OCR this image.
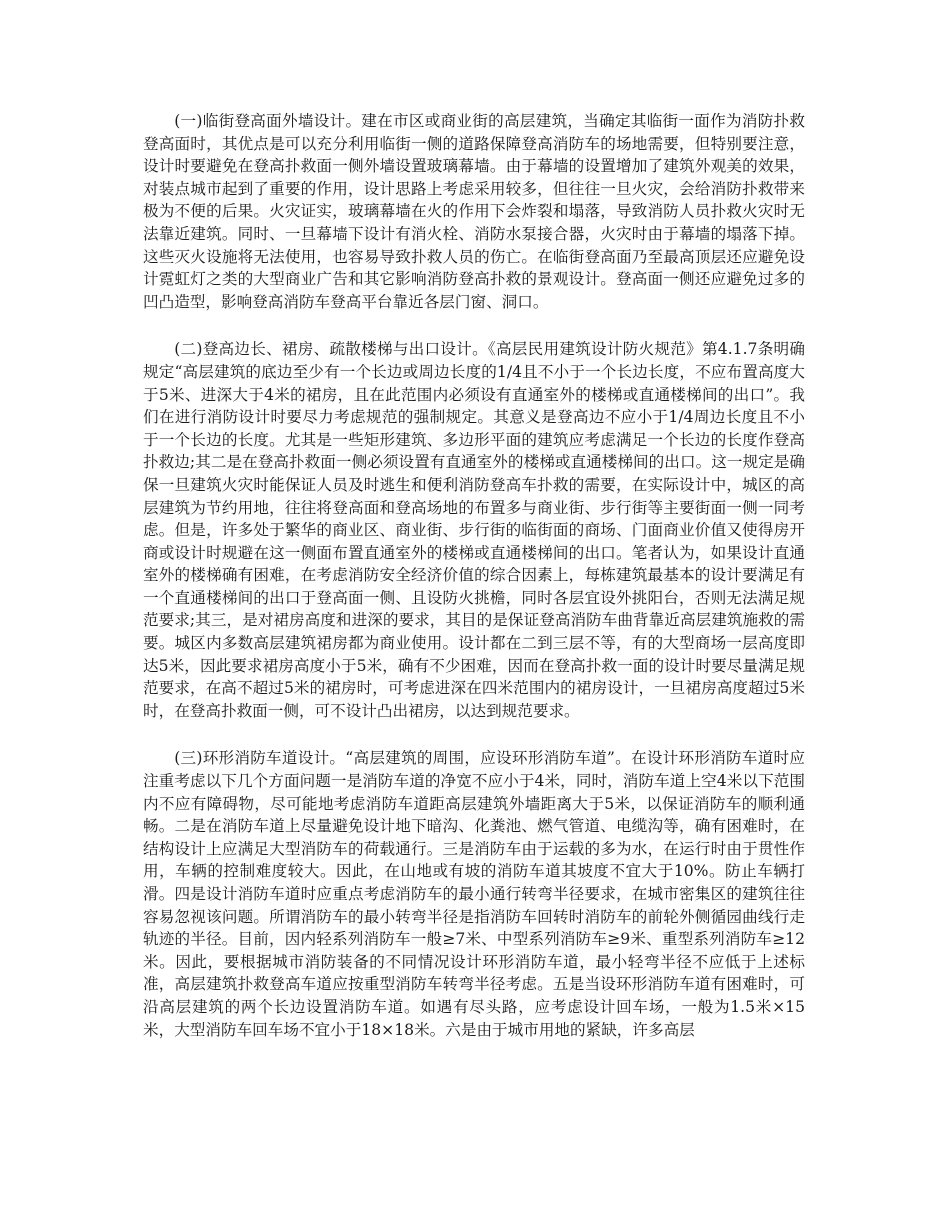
(一)临街登高面外墙设计。建在市区或商业街的高层建筑，当确定其临街一面作为消防扑救登高面时，其优点是可以充分利用临街一侧的道路保障登高消防车的场地需要，但特别要注意，设计时要避免在登高扑救面一侧外墙设置玻璃幕墙。由于幕墙的设置增加了建筑外观美的效果，对装点城市起到了重要的作用，设计思路上考虑采用较多，但往往一旦火灾，会给消防扑救带来极为不便的后果。火灾证实，玻璃幕墙在火的作用下会炸裂和塌落，导致消防人员扑救火灾时无法靠近建筑。同时、一旦幕墙下设计有消火栓、消防水泵接合器，火灾时由于幕墙的塌落下掉。这些灭火设施将无法使用，也容易导致扑救人员的伤亡。在临街登高面乃至最高顶层还应避免设计霓虹灯之类的大型商业广告和其它影响消防登高扑救的景观设计。登高面一侧还应避免过多的凹凸造型，影响登高消防车登高平台靠近各层门窗、洞口。

(二)登高边长、裙房、疏散楼梯与出口设计。《高层民用建筑设计防火规范》第4.1.7条明确规定“高层建筑的底边至少有一个长边或周边长度的1/4且不小于一个长边长度，不应布置高度大于5米、进深大于4米的裙房，且在此范围内必须设有直通室外的楼梯或直通楼梯间的出口”。我们在进行消防设计时要尽力考虑规范的强制规定。其意义是登高边不应小于1/4周边长度且不小于一个长边的长度。尤其是一些矩形建筑、多边形平面的建筑应考虑满足一个长边的长度作登高扑救边;其二是在登高扑救面一侧必须设置有直通室外的楼梯或直通楼梯间的出口。这一规定是确保一旦建筑火灾时能保证人员及时逃生和便利消防登高车扑救的需要，在实际设计中，城区的高层建筑为节约用地，往往将登高面和登高场地的布置多与商业街、步行街等主要街面一侧一同考虑。但是，许多处于繁华的商业区、商业街、步行街的临街面的商场、门面商业价值又使得房开商或设计时规避在这一侧面布置直通室外的楼梯或直通楼梯间的出口。笔者认为，如果设计直通室外的楼梯确有困难，在考虑消防安全经济价值的综合因素上，每栋建筑最基本的设计要满足有一个直通楼梯间的出口于登高面一侧、且设防火挑檐，同时各层宜设外挑阳台，否则无法满足规范要求;其三，是对裙房高度和进深的要求，其目的是保证登高消防车曲背靠近高层建筑施救的需要。城区内多数高层建筑裙房都为商业使用。设计都在二到三层不等，有的大型商场一层高度即达5米，因此要求裙房高度小于5米，确有不少困难，因而在登高扑救一面的设计时要尽量满足规范要求，在高不超过5米的裙房时，可考虑进深在四米范围内的裙房设计，一旦裙房高度超过5米时，在登高扑救面一侧，可不设计凸出裙房，以达到规范要求。

(三)环形消防车道设计。“高层建筑的周围，应设环形消防车道”。在设计环形消防车道时应注重考虑以下几个方面问题一是消防车道的净宽不应小于4米，同时，消防车道上空4米以下范围内不应有障碍物，尽可能地考虑消防车道距高层建筑外墙距离大于5米，以保证消防车的顺利通畅。二是在消防车道上尽量避免设计地下暗沟、化粪池、燃气管道、电缆沟等，确有困难时，在结构设计上应满足大型消防车的荷载通行。三是消防车由于运载的多为水，在运行时由于贯性作用，车辆的控制难度较大。因此，在山地或有坡的消防车道其坡度不宜大于10%。防止车辆打滑。四是设计消防车道时应重点考虑消防车的最小通行转弯半径要求，在城市密集区的建筑往往容易忽视该问题。所谓消防车的最小转弯半径是指消防车回转时消防车的前轮外侧循园曲线行走轨迹的半径。目前，因内轻系列消防车一般≥7米、中型系列消防车≥9米、重型系列消防车≥12米。因此，要根据城市消防装备的不同情况设计环形消防车道，最小轻弯半径不应低于上述标准，高层建筑扑救登高车道应按重型消防车转弯半径考虑。五是当设环形消防车道有困难时，可沿高层建筑的两个长边设置消防车道。如遇有尽头路，应考虑设计回车场，一般为1.5米×15米，大型消防车回车场不宜小于18×18米。六是由于城市用地的紧缺，许多高层
